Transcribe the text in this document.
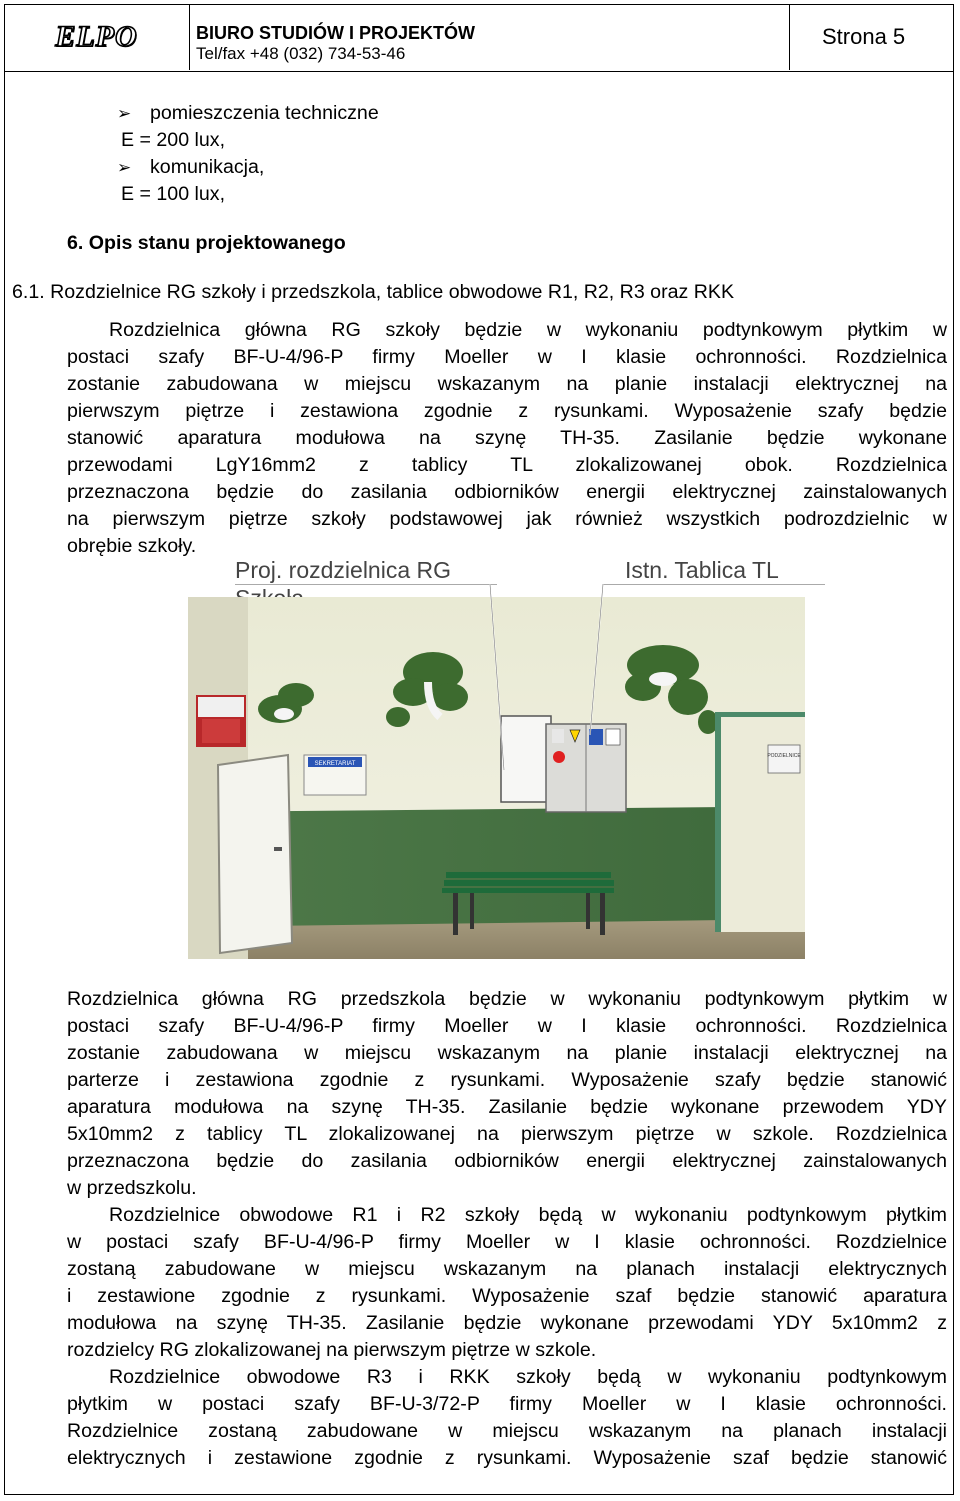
ELPO	BIURO STUDIÓW I PROJEKTÓW
Tel/fax +48 (032) 734-53-46
Strona 5
➢ pomieszczenia techniczne
E = 200 lux,
➢ komunikacja,
E = 100 lux,
6. Opis stanu projektowanego
6.1. Rozdzielnice RG szkoły i przedszkola, tablice obwodowe R1, R2, R3 oraz RKK
Rozdzielnica główna RG szkoły będzie w wykonaniu podtynkowym płytkim w
postaci szafy BF-U-4/96-P firmy Moeller w I klasie ochronności. Rozdzielnica
zostanie zabudowana w miejscu wskazanym na planie instalacji elektrycznej na
pierwszym piętrze i zestawiona zgodnie z rysunkami. Wyposażenie szafy będzie
stanowić aparatura modułowa na szynę TH-35. Zasilanie będzie wykonane
przewodami LgY16mm2 z tablicy TL zlokalizowanej obok. Rozdzielnica
przeznaczona będzie do zasilania odbiorników energii elektrycznej zainstalowanych
na pierwszym piętrze szkoły podstawowej jak również wszystkich podrozdzielnic w
obrębie szkoły.
Proj. rozdzielnica RG	Istn. Tablica TL
SEKRETARIAT
PODZIELNICE
Rozdzielnica główna RG przedszkola będzie w wykonaniu podtynkowym płytkim w
postaci szafy BF-U-4/96-P firmy Moeller w I klasie ochronności. Rozdzielnica
zostanie zabudowana w miejscu wskazanym na planie instalacji elektrycznej na
parterze i zestawiona zgodnie z rysunkami. Wyposażenie szafy będzie stanowić
aparatura modułowa na szynę TH-35. Zasilanie będzie wykonane przewodem YDY
5x10mm2 z tablicy TL zlokalizowanej na pierwszym piętrze w szkole. Rozdzielnica
przeznaczona będzie do zasilania odbiorników energii elektrycznej zainstalowanych
w przedszkolu.
Rozdzielnice obwodowe R1 i R2 szkoły będą w wykonaniu podtynkowym płytkim
w postaci szafy BF-U-4/96-P firmy Moeller w I klasie ochronności. Rozdzielnice
zostaną zabudowane w miejscu wskazanym na planach instalacji elektrycznych
i zestawione zgodnie z rysunkami. Wyposażenie szaf będzie stanowić aparatura
modułowa na szynę TH-35. Zasilanie będzie wykonane przewodami YDY 5x10mm2 z
rozdzielcy RG zlokalizowanej na pierwszym piętrze w szkole.
Rozdzielnice obwodowe R3 i RKK szkoły będą w wykonaniu podtynkowym
płytkim w postaci szafy BF-U-3/72-P firmy Moeller w I klasie ochronności.
Rozdzielnice zostaną zabudowane w miejscu wskazanym na planach instalacji
elektrycznych i zestawione zgodnie z rysunkami. Wyposażenie szaf będzie stanowić
